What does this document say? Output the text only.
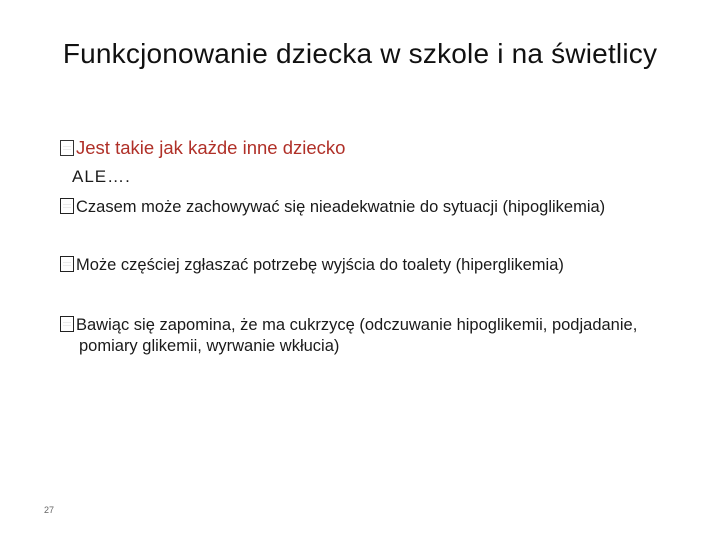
Funkcjonowanie dziecka w szkole i na świetlicy
Jest takie jak każde inne dziecko
ALE….
Czasem może zachowywać się nieadekwatnie do sytuacji (hipoglikemia)
Może częściej zgłaszać potrzebę wyjścia do toalety (hiperglikemia)
Bawiąc się zapomina, że ma cukrzycę (odczuwanie hipoglikemii, podjadanie,
pomiary glikemii, wyrwanie wkłucia)
27
